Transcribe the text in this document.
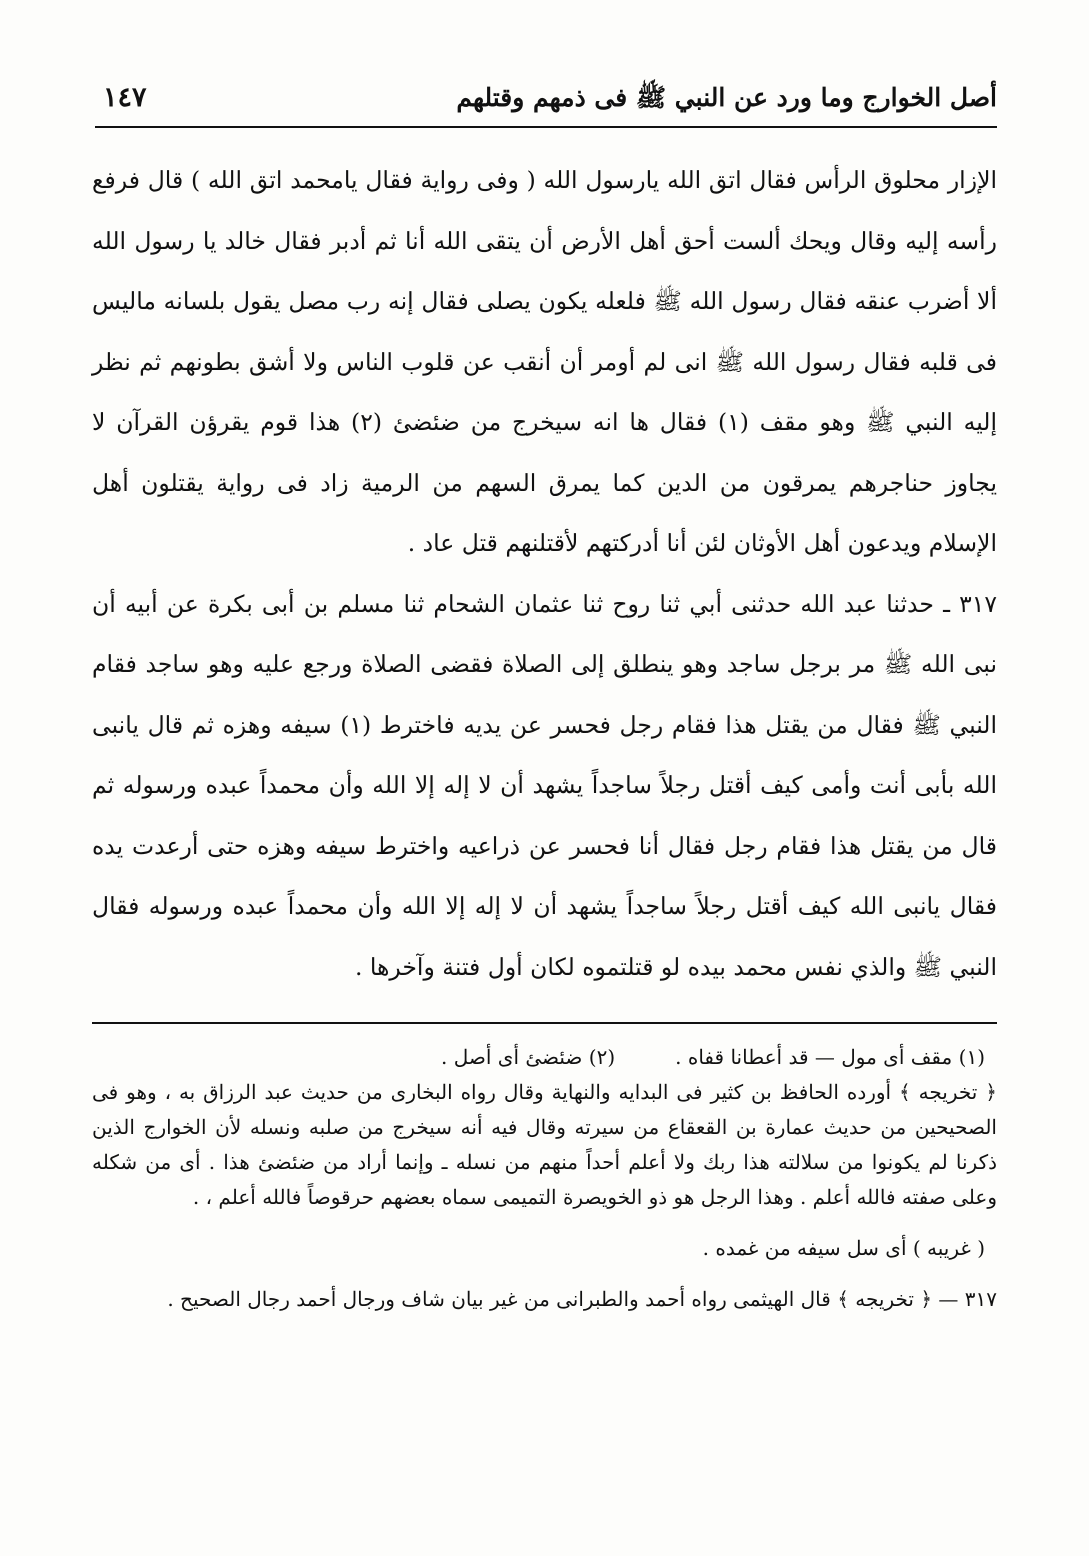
أصل الخوارج وما ورد عن النبي ﷺ فى ذمهم وقتلهم
١٤٧

الإزار محلوق الرأس فقال اتق الله يارسول الله ( وفى رواية فقال يامحمد اتق الله ) قال فرفع رأسه إليه وقال ويحك ألست أحق أهل الأرض أن يتقى الله أنا ثم أدبر فقال خالد يا رسول الله ألا أضرب عنقه فقال رسول الله ﷺ فلعله يكون يصلى فقال إنه رب مصل يقول بلسانه ماليس فى قلبه فقال رسول الله ﷺ انى لم أومر أن أنقب عن قلوب الناس ولا أشق بطونهم ثم نظر إليه النبي ﷺ وهو مقف (١) فقال ها انه سيخرج من ضئضئ (٢) هذا قوم يقرؤن القرآن لا يجاوز حناجرهم يمرقون من الدين كما يمرق السهم من الرمية زاد فى رواية يقتلون أهل الإسلام ويدعون أهل الأوثان لئن أنا أدركتهم لأقتلنهم قتل عاد .

٣١٧ ـ حدثنا عبد الله حدثنى أبي ثنا روح ثنا عثمان الشحام ثنا مسلم بن أبى بكرة عن أبيه أن نبى الله ﷺ مر برجل ساجد وهو ينطلق إلى الصلاة فقضى الصلاة ورجع عليه وهو ساجد فقام النبي ﷺ فقال من يقتل هذا فقام رجل فحسر عن يديه فاخترط (١) سيفه وهزه ثم قال يانبى الله بأبى أنت وأمى كيف أقتل رجلاً ساجداً يشهد أن لا إله إلا الله وأن محمداً عبده ورسوله ثم قال من يقتل هذا فقام رجل فقال أنا فحسر عن ذراعيه واخترط سيفه وهزه حتى أرعدت يده فقال يانبى الله كيف أقتل رجلاً ساجداً يشهد أن لا إله إلا الله وأن محمداً عبده ورسوله فقال النبي ﷺ والذي نفس محمد بيده لو قتلتموه لكان أول فتنة وآخرها .

(١) مقف أى مول — قد أعطانا قفاه .

(٢) ضئضئ أى أصل .

﴿ تخريجه ﴾ أورده الحافظ بن كثير فى البدايه والنهاية وقال رواه البخارى من حديث عبد الرزاق به ، وهو فى الصحيحين من حديث عمارة بن القعقاع من سيرته وقال فيه أنه سيخرج من صلبه ونسله لأن الخوارج الذين ذكرنا لم يكونوا من سلالته هذا ربك ولا أعلم أحداً منهم من نسله ـ وإنما أراد من ضئضئ هذا . أى من شكله وعلى صفته فالله أعلم . وهذا الرجل هو ذو الخويصرة التميمى سماه بعضهم حرقوصاً فالله أعلم ، .

( غريبه ) أى سل سيفه من غمده .

٣١٧ — ﴿ تخريجه ﴾ قال الهيثمى رواه أحمد والطبرانى من غير بيان شاف ورجال أحمد رجال الصحيح .
